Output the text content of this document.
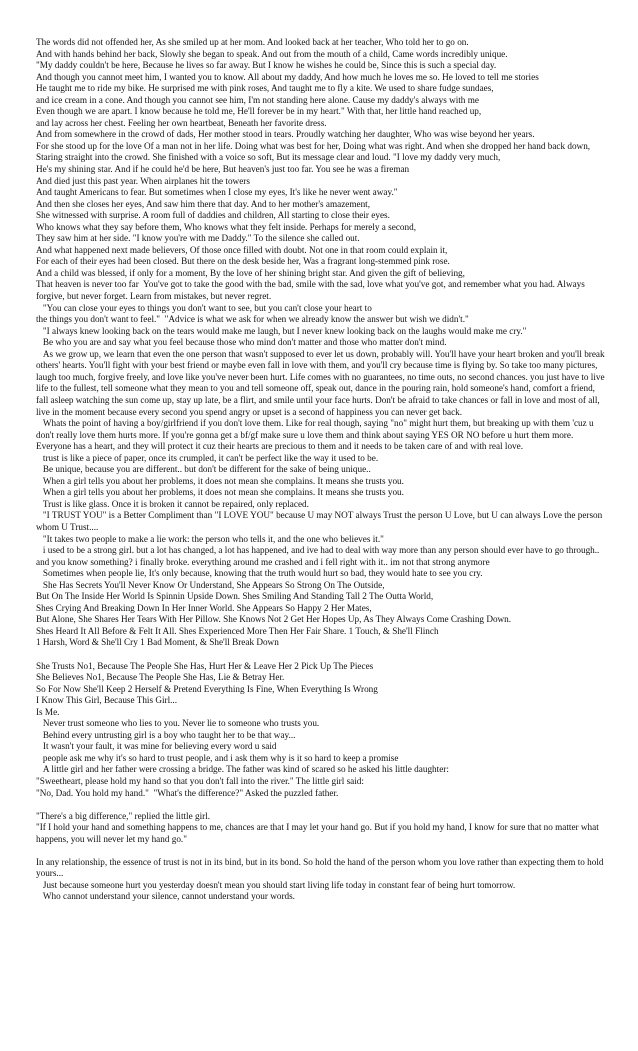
The words did not offended her, As she smiled up at her mom. And looked back at her teacher, Who told her to go on.
And with hands behind her back, Slowly she began to speak. And out from the mouth of a child, Came words incredibly unique.
"My daddy couldn't be here, Because he lives so far away. But I know he wishes he could be, Since this is such a special day.
And though you cannot meet him, I wanted you to know. All about my daddy, And how much he loves me so. He loved to tell me stories
He taught me to ride my bike. He surprised me with pink roses, And taught me to fly a kite. We used to share fudge sundaes,
and ice cream in a cone. And though you cannot see him, I'm not standing here alone. Cause my daddy's always with me
Even though we are apart. I know because he told me, He'll forever be in my heart." With that, her little hand reached up,
and lay across her chest. Feeling her own heartbeat, Beneath her favorite dress.
And from somewhere in the crowd of dads, Her mother stood in tears. Proudly watching her daughter, Who was wise beyond her years.
For she stood up for the love Of a man not in her life. Doing what was best for her, Doing what was right. And when she dropped her hand back down,
Staring straight into the crowd. She finished with a voice so soft, But its message clear and loud. "I love my daddy very much,
He's my shining star. And if he could he'd be here, But heaven's just too far. You see he was a fireman
And died just this past year. When airplanes hit the towers
And taught Americans to fear. But sometimes when I close my eyes, It's like he never went away."
And then she closes her eyes, And saw him there that day. And to her mother's amazement,
She witnessed with surprise. A room full of daddies and children, All starting to close their eyes.
Who knows what they say before them, Who knows what they felt inside. Perhaps for merely a second,
They saw him at her side. "I know you're with me Daddy." To the silence she called out.
And what happened next made believers, Of those once filled with doubt. Not one in that room could explain it,
For each of their eyes had been closed. But there on the desk beside her, Was a fragrant long-stemmed pink rose.
And a child was blessed, if only for a moment, By the love of her shining bright star. And given the gift of believing,
That heaven is never too far  You've got to take the good with the bad, smile with the sad, love what you've got, and remember what you had. Always forgive, but never forget. Learn from mistakes, but never regret.
"You can close your eyes to things you don't want to see, but you can't close your heart to
the things you don't want to feel."  "Advice is what we ask for when we already know the answer but wish we didn't."
"I always knew looking back on the tears would make me laugh, but I never knew looking back on the laughs would make me cry."
Be who you are and say what you feel because those who mind don't matter and those who matter don't mind.
As we grow up, we learn that even the one person that wasn't supposed to ever let us down, probably will. You'll have your heart broken and you'll break others' hearts. You'll fight with your best friend or maybe even fall in love with them, and you'll cry because time is flying by. So take too many pictures, laugh too much, forgive freely, and love like you've never been hurt. Life comes with no guarantees, no time outs, no second chances. you just have to live life to the fullest, tell someone what they mean to you and tell someone off, speak out, dance in the pouring rain, hold someone's hand, comfort a friend, fall asleep watching the sun come up, stay up late, be a flirt, and smile until your face hurts. Don't be afraid to take chances or fall in love and most of all, live in the moment because every second you spend angry or upset is a second of happiness you can never get back.
Whats the point of having a boy/girlfriend if you don't love them. Like for real though, saying "no" might hurt them, but breaking up with them 'cuz u don't really love them hurts more. If you're gonna get a bf/gf make sure u love them and think about saying YES OR NO before u hurt them more. Everyone has a heart, and they will protect it cuz their hearts are precious to them and it needs to be taken care of and with real love.
trust is like a piece of paper, once its crumpled, it can't be perfect like the way it used to be.
Be unique, because you are different.. but don't be different for the sake of being unique..
When a girl tells you about her problems, it does not mean she complains. It means she trusts you.
When a girl tells you about her problems, it does not mean she complains. It means she trusts you.
Trust is like glass. Once it is broken it cannot be repaired, only replaced.
"I TRUST YOU" is a Better Compliment than "I LOVE YOU" because U may NOT always Trust the person U Love, but U can always Love the person whom U Trust....
"It takes two people to make a lie work: the person who tells it, and the one who believes it."
i used to be a strong girl. but a lot has changed, a lot has happened, and ive had to deal with way more than any person should ever have to go through.. and you know something? i finally broke. everything around me crashed and i fell right with it.. im not that strong anymore
Sometimes when people lie, It's only because, knowing that the truth would hurt so bad, they would hate to see you cry.
She Has Secrets You'll Never Know Or Understand, She Appears So Strong On The Outside,
But On The Inside Her World Is Spinnin Upside Down. Shes Smiling And Standing Tall 2 The Outta World,
Shes Crying And Breaking Down In Her Inner World. She Appears So Happy 2 Her Mates,
But Alone, She Shares Her Tears With Her Pillow. She Knows Not 2 Get Her Hopes Up, As They Always Come Crashing Down.
Shes Heard It All Before & Felt It All. Shes Experienced More Then Her Fair Share. 1 Touch, & She'll Flinch
1 Harsh, Word & She'll Cry 1 Bad Moment, & She'll Break Down
She Trusts No1, Because The People She Has, Hurt Her & Leave Her 2 Pick Up The Pieces
She Believes No1, Because The People She Has, Lie & Betray Her.
So For Now She'll Keep 2 Herself & Pretend Everything Is Fine, When Everything Is Wrong
I Know This Girl, Because This Girl...
Is Me.
Never trust someone who lies to you. Never lie to someone who trusts you.
Behind every untrusting girl is a boy who taught her to be that way...
It wasn't your fault, it was mine for believing every word u said
people ask me why it's so hard to trust people, and i ask them why is it so hard to keep a promise
A little girl and her father were crossing a bridge. The father was kind of scared so he asked his little daughter:
"Sweetheart, please hold my hand so that you don't fall into the river." The little girl said:
"No, Dad. You hold my hand."  "What's the difference?" Asked the puzzled father.
"There's a big difference," replied the little girl.
"If I hold your hand and something happens to me, chances are that I may let your hand go. But if you hold my hand, I know for sure that no matter what happens, you will never let my hand go."
In any relationship, the essence of trust is not in its bind, but in its bond. So hold the hand of the person whom you love rather than expecting them to hold yours...
Just because someone hurt you yesterday doesn't mean you should start living life today in constant fear of being hurt tomorrow.
Who cannot understand your silence, cannot understand your words.
